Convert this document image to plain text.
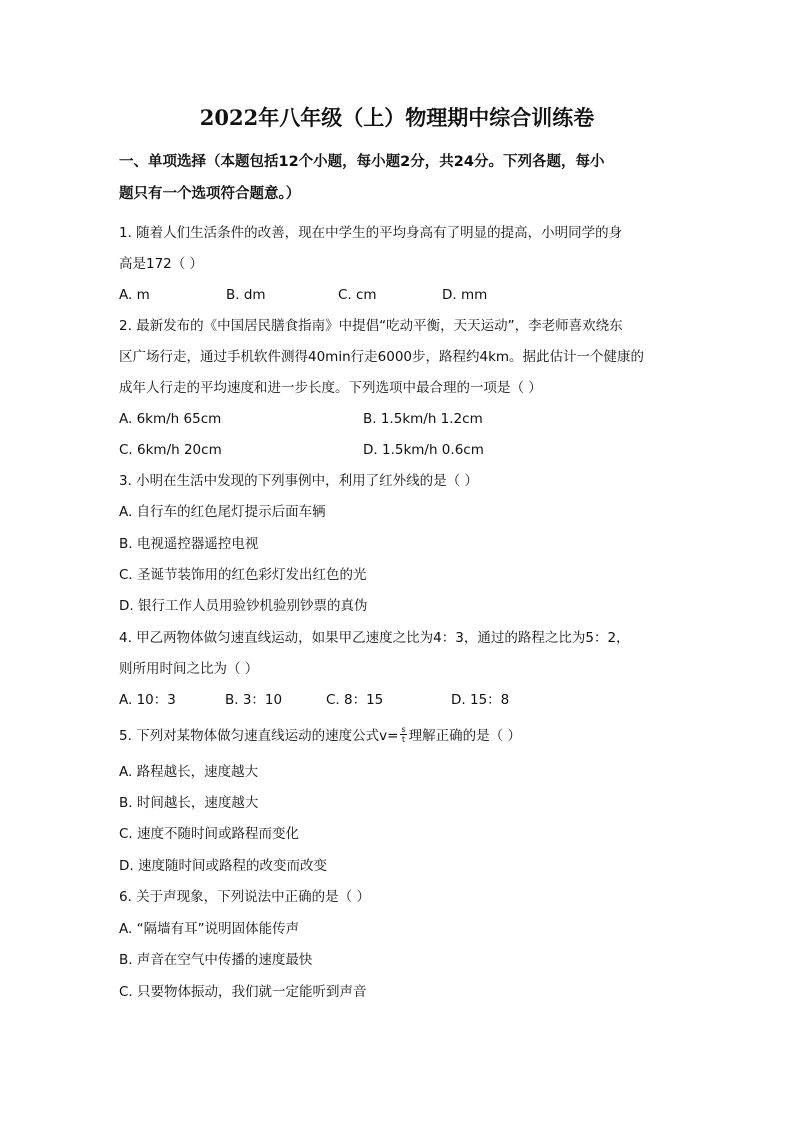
2022年八年级（上）物理期中综合训练卷
一、单项选择（本题包括12个小题，每小题2分，共24分。下列各题，每小
题只有一个选项符合题意。）
1. 随着人们生活条件的改善，现在中学生的平均身高有了明显的提高，小明同学的身
高是172（ ）
A. m	B. dm	C. cm	D. mm
2. 最新发布的《中国居民膳食指南》中提倡“吃动平衡，天天运动”，李老师喜欢绕东
区广场行走，通过手机软件测得40min行走6000步，路程约4km。据此估计一个健康的
成年人行走的平均速度和进一步长度。下列选项中最合理的一项是（ ）
A. 6km/h 65cm	B. 1.5km/h 1.2cm
C. 6km/h 20cm	D. 1.5km/h 0.6cm
3. 小明在生活中发现的下列事例中，利用了红外线的是（ ）
A. 自行车的红色尾灯提示后面车辆
B. 电视遥控器遥控电视
C. 圣诞节装饰用的红色彩灯发出红色的光
D. 银行工作人员用验钞机验别钞票的真伪
4. 甲乙两物体做匀速直线运动，如果甲乙速度之比为4：3，通过的路程之比为5：2，
则所用时间之比为（ ）
A. 10：3	B. 3：10	C. 8：15	D. 15：8
5. 下列对某物体做匀速直线运动的速度公式$v= \frac{s}{t}$ 理解正确的是（ ）
A. 路程越长，速度越大
B. 时间越长，速度越大
C. 速度不随时间或路程而变化
D. 速度随时间或路程的改变而改变
6. 关于声现象，下列说法中正确的是（ ）
A. “隔墙有耳”说明固体能传声
B. 声音在空气中传播的速度最快
C. 只要物体振动，我们就一定能听到声音
